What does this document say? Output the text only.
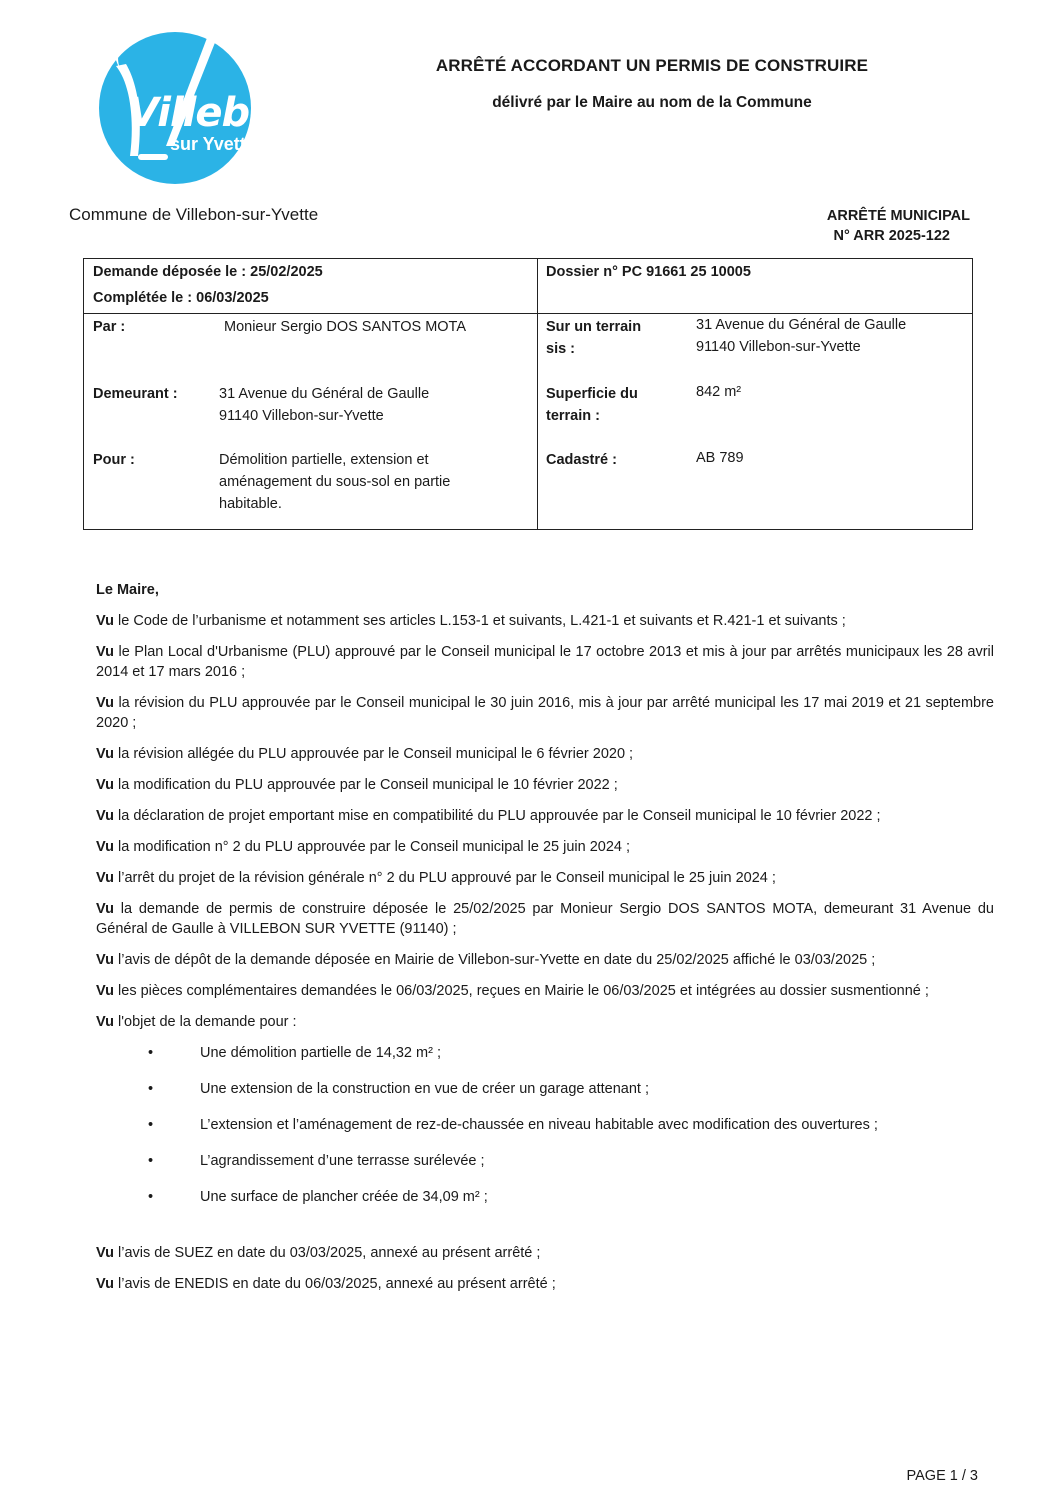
Villebon
sur Yvette
ARRÊTÉ ACCORDANT UN PERMIS DE CONSTRUIRE
délivré par le Maire au nom de la Commune
Commune de Villebon-sur-Yvette	ARRÊTÉ MUNICIPAL
N° ARR 2025-122
Demande déposée le : 25/02/2025
Complétée le : 06/03/2025
Dossier n° PC 91661 25 10005
Par :	Monieur Sergio DOS SANTOS MOTA
Demeurant :	31 Avenue du Général de Gaulle
91140 Villebon-sur-Yvette
Pour :	Démolition partielle, extension et
aménagement du sous-sol en partie
habitable.
Sur un terrain
sis :
31 Avenue du Général de Gaulle
91140 Villebon-sur-Yvette
Superficie du
terrain :
842 m²
Cadastré :	AB 789

Le Maire,

Vu le Code de l’urbanisme et notamment ses articles L.153-1 et suivants, L.421-1 et suivants et R.421-1 et suivants ;

Vu le Plan Local d'Urbanisme (PLU) approuvé par le Conseil municipal le 17 octobre 2013 et mis à jour par arrêtés municipaux les 28 avril 2014 et 17 mars 2016 ;

Vu la révision du PLU approuvée par le Conseil municipal le 30 juin 2016, mis à jour par arrêté municipal les 17 mai 2019 et 21 septembre 2020 ;

Vu la révision allégée du PLU approuvée par le Conseil municipal le 6 février 2020 ;

Vu la modification du PLU approuvée par le Conseil municipal le 10 février 2022 ;

Vu la déclaration de projet emportant mise en compatibilité du PLU approuvée par le Conseil municipal le 10 février 2022 ;

Vu la modification n° 2 du PLU approuvée par le Conseil municipal le 25 juin 2024 ;

Vu l’arrêt du projet de la révision générale n° 2 du PLU approuvé par le Conseil municipal le 25 juin 2024 ;

Vu la demande de permis de construire déposée le 25/02/2025 par Monieur Sergio DOS SANTOS MOTA, demeurant 31 Avenue du Général de Gaulle à VILLEBON SUR YVETTE (91140) ;

Vu l’avis de dépôt de la demande déposée en Mairie de Villebon-sur-Yvette en date du 25/02/2025 affiché le 03/03/2025 ;

Vu les pièces complémentaires demandées le 06/03/2025, reçues en Mairie le 06/03/2025 et intégrées au dossier susmentionné ;

Vu l'objet de la demande pour :

•	Une démolition partielle de 14,32 m² ;
•	Une extension de la construction en vue de créer un garage attenant ;
•	L’extension et l’aménagement de rez-de-chaussée en niveau habitable avec modification des ouvertures ;
•	L’agrandissement d’une terrasse surélevée ;
•	Une surface de plancher créée de 34,09 m² ;

Vu l’avis de SUEZ en date du 03/03/2025, annexé au présent arrêté ;

Vu l’avis de ENEDIS en date du 06/03/2025, annexé au présent arrêté ;

PAGE 1 / 3
